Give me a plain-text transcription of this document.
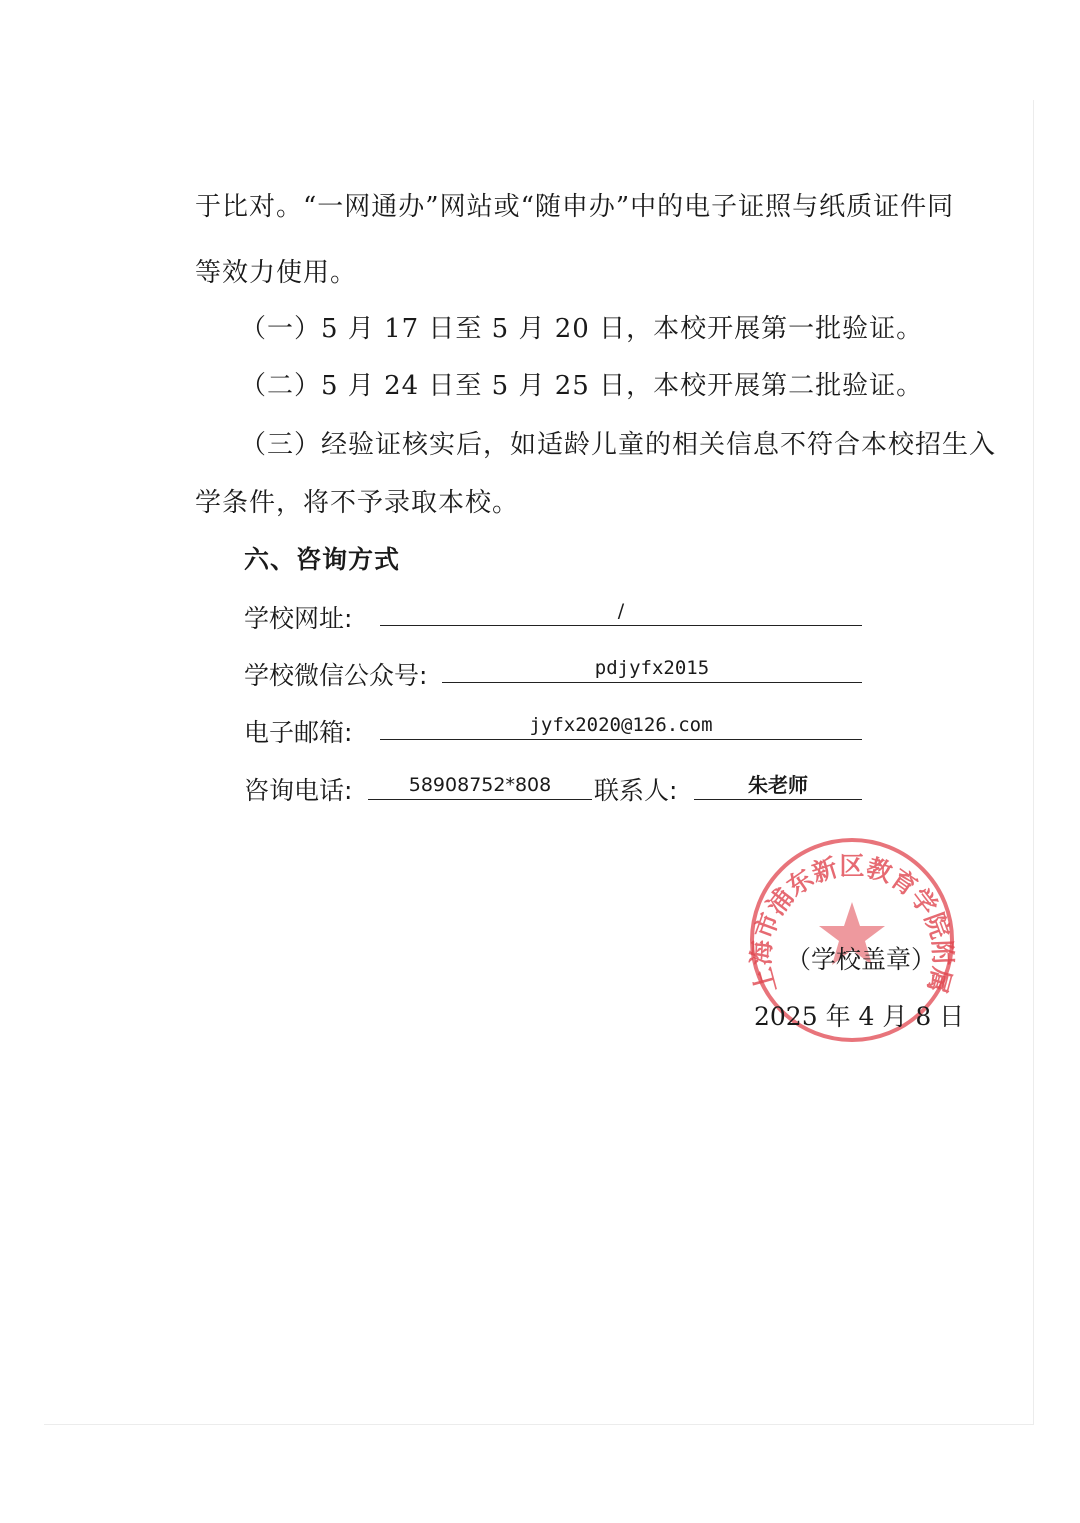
于比对。“一网通办”网站或“随申办”中的电子证照与纸质证件同
等效力使用。
（一）5 月 17 日至 5 月 20 日，本校开展第一批验证。
（二）5 月 24 日至 5 月 25 日，本校开展第二批验证。
（三）经验证核实后，如适龄儿童的相关信息不符合本校招生入
学条件，将不予录取本校。
六、咨询方式
学校网址:	/
学校微信公众号:	pdjyfx2015
电子邮箱:	jyfx2020@126.com
咨询电话:	58908752*808	联系人:	朱老师
上海市浦东新区教育学院附属
（学校盖章）
2025 年 4 月 8 日
